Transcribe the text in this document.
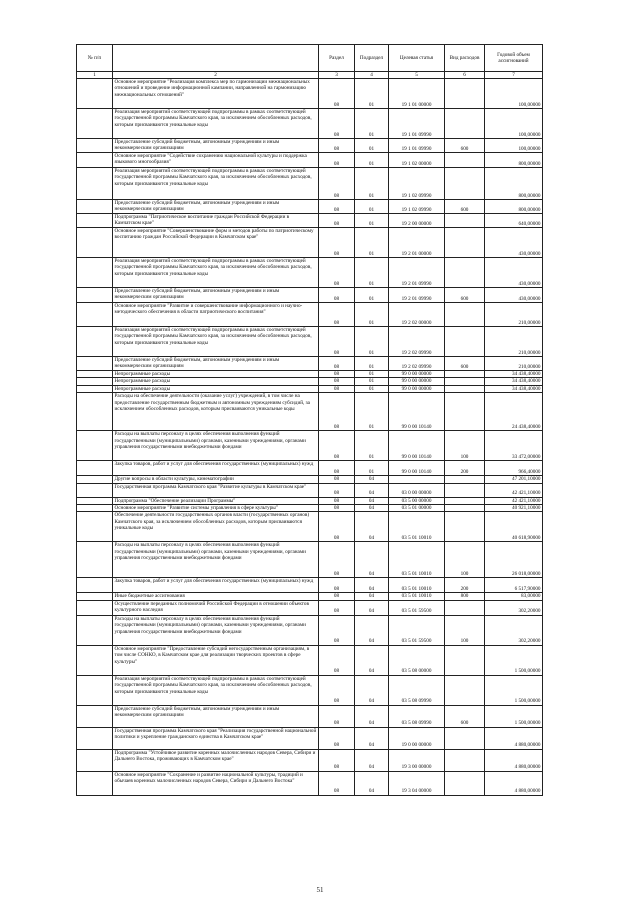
№ п/п		Раздел	Подраздел	Целевая статья	Вид расходов	Годовой объем ассигнований
1	2	3	4	5	6	7
	Основное мероприятие "Реализация комплекса мер по гармонизации межнациональных отношений и проведение информационной кампании, направленной на гармонизацию межнациональных отношений"	08	01	19 1 01 00000		100,00000
	Реализация мероприятий соответствующей подпрограммы в рамках соответствующей государственной программы Камчатского края, за исключением обособленных расходов, которым присваиваются уникальные коды	08	01	19 1 01 09990		100,00000
	Предоставление субсидий бюджетным, автономным учреждениям и иным некоммерческим организациям	08	01	19 1 01 09990	600	100,00000
	Основное мероприятие "Содействие сохранению национальной культуры и поддержка языкового многообразия"	08	01	19 1 02 00000		800,00000
	Реализация мероприятий соответствующей подпрограммы в рамках соответствующей государственной программы Камчатского края, за исключением обособленных расходов, которым присваиваются уникальные коды	08	01	19 1 02 09990		800,00000
	Предоставление субсидий бюджетным, автономным учреждениям и иным некоммерческим организациям	08	01	19 1 02 09990	600	800,00000
	Подпрограмма "Патриотическое воспитание граждан Российской Федерации в Камчатском крае"	08	01	19 2 00 00000		640,00000
	Основное мероприятие "Совершенствование форм и методов работы по патриотическому воспитанию граждан Российской Федерации в Камчатском крае"	08	01	19 2 01 00000		430,00000
	Реализация мероприятий соответствующей подпрограммы в рамках соответствующей государственной программы Камчатского края, за исключением обособленных расходов, которым присваиваются уникальные коды	08	01	19 2 01 09990		430,00000
	Предоставление субсидий бюджетным, автономным учреждениям и иным некоммерческим организациям	08	01	19 2 01 09990	600	430,00000
	Основное мероприятие "Развитие и совершенствование информационного и научно-методического обеспечения в области патриотического воспитания"	08	01	19 2 02 00000		210,00000
	Реализация мероприятий соответствующей подпрограммы в рамках соответствующей государственной программы Камчатского края, за исключением обособленных расходов, которым присваиваются уникальные коды	08	01	19 2 02 09990		210,00000
	Предоставление субсидий бюджетным, автономным учреждениям и иным некоммерческим организациям	08	01	19 2 02 09990	600	210,00000
	Непрограммные расходы	08	01	99 0 00 00000		34 438,40000
	Непрограммные расходы	08	01	99 0 00 00000		34 438,40000
	Непрограммные расходы	08	01	99 0 00 00000		34 438,40000
	Расходы на обеспечение деятельности (оказание услуг) учреждений, в том числе на предоставление государственным бюджетным и автономным учреждениям субсидий, за исключением обособленных расходов, которым присваиваются уникальные коды	08	01	99 0 00 10140		24 438,40000
	Расходы на выплаты персоналу в целях обеспечения выполнения функций государственными (муниципальными) органами, казенными учреждениями, органами управления государственными внебюджетными фондами	08	01	99 0 00 10140	100	33 472,00000
	Закупка товаров, работ и услуг для обеспечения государственных (муниципальных) нужд	08	01	99 0 00 10140	200	966,40000
	Другие вопросы в области культуры, кинематографии	08	04			47 201,10000
	Государственная программа Камчатского края "Развитие культуры в Камчатском крае"	08	04	03 0 00 00000		42 421,10000
	Подпрограмма "Обеспечение реализации Программы"	08	04	03 5 00 00000		42 421,10000
	Основное мероприятие "Развитие системы управления в сфере культуры"	08	04	03 5 01 00000		40 921,10000
	Обеспечение деятельности государственных органов власти (государственных органов) Камчатского края, за исключением обособленных расходов, которым присваиваются уникальные коды	08	04	03 5 01 10010		40 618,90000
	Расходы на выплаты персоналу в целях обеспечения выполнения функций государственными (муниципальными) органами, казенными учреждениями, органами управления государственными внебюджетными фондами	08	04	03 5 01 10010	100	26 018,00000
	Закупка товаров, работ и услуг для обеспечения государственных (муниципальных) нужд	08	04	03 5 01 10010	200	6 517,90000
	Иные бюджетные ассигнования	08	04	03 5 01 10010	800	83,00000
	Осуществление переданных полномочий Российской Федерации в отношении объектов культурного наследия	08	04	03 5 01 59500		302,20000
	Расходы на выплаты персоналу в целях обеспечения выполнения функций государственными (муниципальными) органами, казенными учреждениями, органами управления государственными внебюджетными фондами	08	04	03 5 01 59500	100	302,20000
	Основное мероприятие "Предоставление субсидий негосударственным организациям, в том числе СОНКО, в Камчатском крае для реализации творческих проектов в сфере культуры"	08	04	03 5 08 00000		1 500,00000
	Реализация мероприятий соответствующей подпрограммы в рамках соответствующей государственной программы Камчатского края, за исключением обособленных расходов, которым присваиваются уникальные коды	08	04	03 5 08 09990		1 500,00000
	Предоставление субсидий бюджетным, автономным учреждениям и иным некоммерческим организациям	08	04	03 5 08 09990	600	1 500,00000
	Государственная программа Камчатского края "Реализация государственной национальной политики и укрепление гражданского единства в Камчатском крае"	08	04	19 0 00 00000		4 880,00000
	Подпрограмма "Устойчивое развитие коренных малочисленных народов Севера, Сибири и Дальнего Востока, проживающих в Камчатском крае"	08	04	19 3 00 00000		4 880,00000
	Основное мероприятие "Сохранение и развитие национальной культуры, традиций и обычаев коренных малочисленных народов Севера, Сибири и Дальнего Востока"	08	04	19 3 04 00000		4 880,00000
51
